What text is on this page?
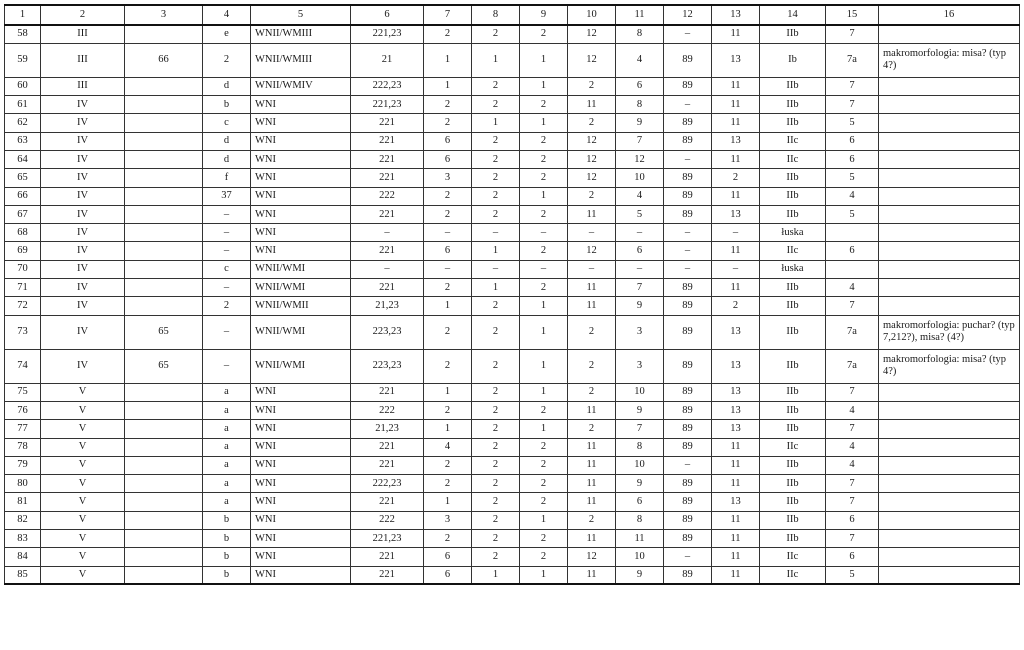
1	2	3	4	5	6	7	8	9	10	11	12	13	14	15	16
58	III		e	WNII/WMIII	221,23	2	2	2	12	8	–	11	IIb	7	
59	III	66	2	WNII/WMIII	21	1	1	1	12	4	89	13	Ib	7a	makromorfologia: misa? (typ 4?)
60	III		d	WNII/WMIV	222,23	1	2	1	2	6	89	11	IIb	7	
61	IV		b	WNI	221,23	2	2	2	11	8	–	11	IIb	7	
62	IV		c	WNI	221	2	1	1	2	9	89	11	IIb	5	
63	IV		d	WNI	221	6	2	2	12	7	89	13	IIc	6	
64	IV		d	WNI	221	6	2	2	12	12	–	11	IIc	6	
65	IV		f	WNI	221	3	2	2	12	10	89	2	IIb	5	
66	IV		37	WNI	222	2	2	1	2	4	89	11	IIb	4	
67	IV		–	WNI	221	2	2	2	11	5	89	13	IIb	5	
68	IV		–	WNI	–	–	–	–	–	–	–	–	łuska		
69	IV		–	WNI	221	6	1	2	12	6	–	11	IIc	6	
70	IV		c	WNII/WMI	–	–	–	–	–	–	–	–	łuska		
71	IV		–	WNII/WMI	221	2	1	2	11	7	89	11	IIb	4	
72	IV		2	WNII/WMII	21,23	1	2	1	11	9	89	2	IIb	7	
73	IV	65	–	WNII/WMI	223,23	2	2	1	2	3	89	13	IIb	7a	makromorfologia: puchar? (typ 7,212?), misa? (4?)
74	IV	65	–	WNII/WMI	223,23	2	2	1	2	3	89	13	IIb	7a	makromorfologia: misa? (typ 4?)
75	V		a	WNI	221	1	2	1	2	10	89	13	IIb	7	
76	V		a	WNI	222	2	2	2	11	9	89	13	IIb	4	
77	V		a	WNI	21,23	1	2	1	2	7	89	13	IIb	7	
78	V		a	WNI	221	4	2	2	11	8	89	11	IIc	4	
79	V		a	WNI	221	2	2	2	11	10	–	11	IIb	4	
80	V		a	WNI	222,23	2	2	2	11	9	89	11	IIb	7	
81	V		a	WNI	221	1	2	2	11	6	89	13	IIb	7	
82	V		b	WNI	222	3	2	1	2	8	89	11	IIb	6	
83	V		b	WNI	221,23	2	2	2	11	11	89	11	IIb	7	
84	V		b	WNI	221	6	2	2	12	10	–	11	IIc	6	
85	V		b	WNI	221	6	1	1	11	9	89	11	IIc	5	
